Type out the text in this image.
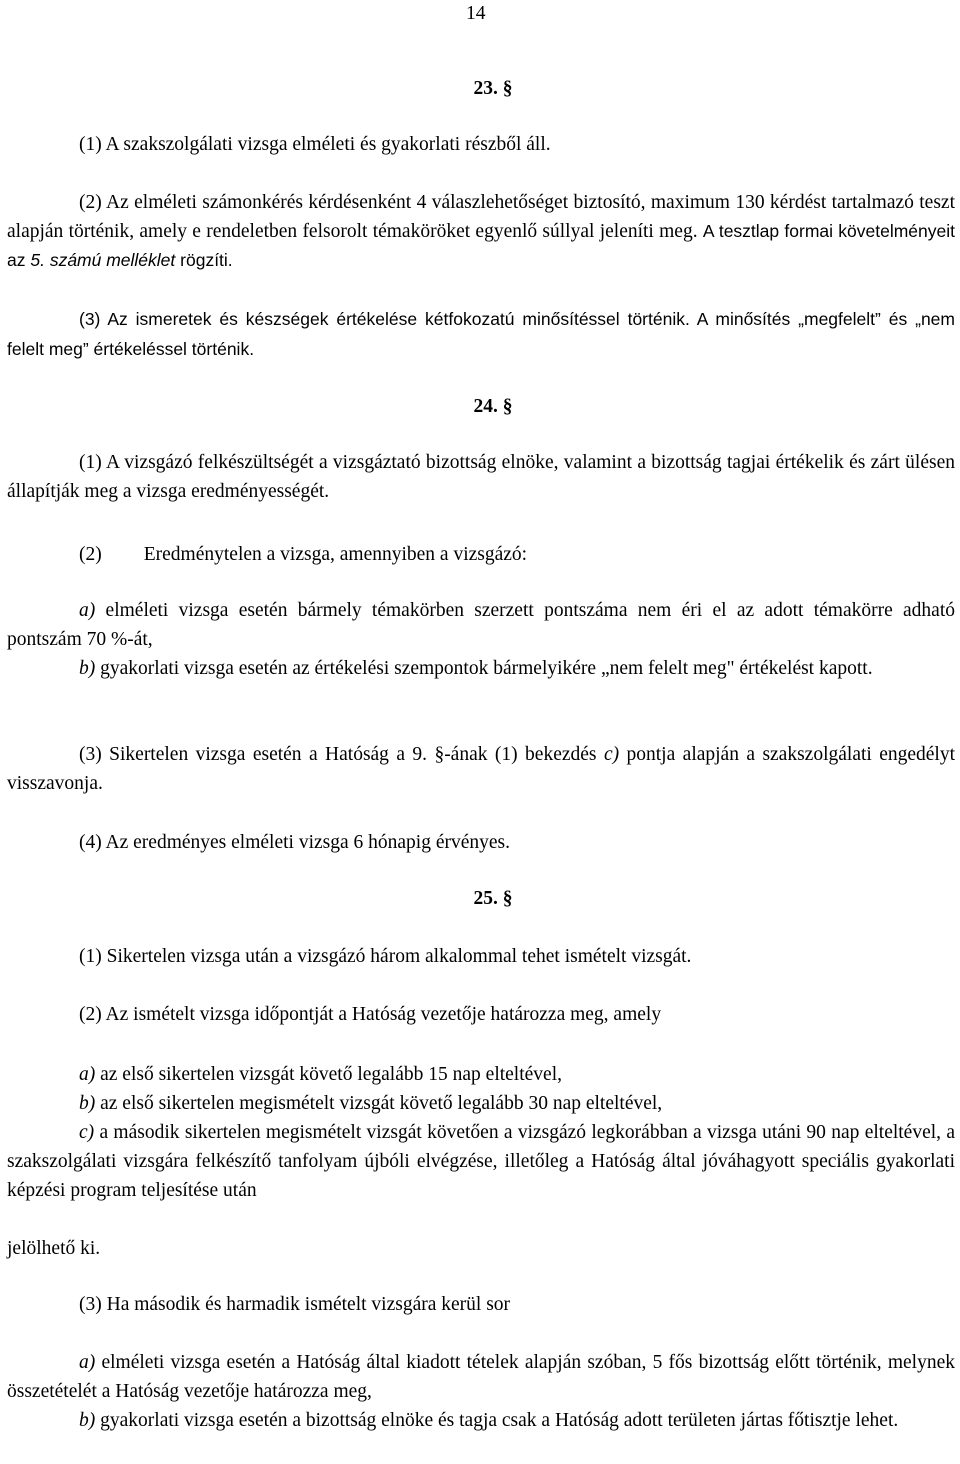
14
23. §
(1) A szakszolgálati vizsga elméleti és gyakorlati részből áll.
(2) Az elméleti számonkérés kérdésenként 4 válaszlehetőséget biztosító, maximum 130 kérdést tartalmazó teszt alapján történik, amely e rendeletben felsorolt témaköröket egyenlő súllyal jeleníti meg. A tesztlap formai követelményeit az 5. számú melléklet rögzíti.
(3) Az ismeretek és készségek értékelése kétfokozatú minősítéssel történik. A minősítés „megfelelt” és „nem felelt meg” értékeléssel történik.
24. §
(1) A vizsgázó felkészültségét a vizsgáztató bizottság elnöke, valamint a bizottság tagjai értékelik és zárt ülésen állapítják meg a vizsga eredményességét.
(2) Eredménytelen a vizsga, amennyiben a vizsgázó:
a) elméleti vizsga esetén bármely témakörben szerzett pontszáma nem éri el az adott témakörre adható pontszám 70 %-át,
b) gyakorlati vizsga esetén az értékelési szempontok bármelyikére „nem felelt meg" értékelést kapott.
(3) Sikertelen vizsga esetén a Hatóság a 9. §-ának (1) bekezdés c) pontja alapján a szakszolgálati engedélyt visszavonja.
(4) Az eredményes elméleti vizsga 6 hónapig érvényes.
25. §
(1) Sikertelen vizsga után a vizsgázó három alkalommal tehet ismételt vizsgát.
(2) Az ismételt vizsga időpontját a Hatóság vezetője határozza meg, amely
a) az első sikertelen vizsgát követő legalább 15 nap elteltével,
b) az első sikertelen megismételt vizsgát követő legalább 30 nap elteltével,
c) a második sikertelen megismételt vizsgát követően a vizsgázó legkorábban a vizsga utáni 90 nap elteltével, a szakszolgálati vizsgára felkészítő tanfolyam újbóli elvégzése, illetőleg a Hatóság által jóváhagyott speciális gyakorlati képzési program teljesítése után
jelölhető ki.
(3) Ha második és harmadik ismételt vizsgára kerül sor
a) elméleti vizsga esetén a Hatóság által kiadott tételek alapján szóban, 5 fős bizottság előtt történik, melynek összetételét a Hatóság vezetője határozza meg,
b) gyakorlati vizsga esetén a bizottság elnöke és tagja csak a Hatóság adott területen jártas főtisztje lehet.
